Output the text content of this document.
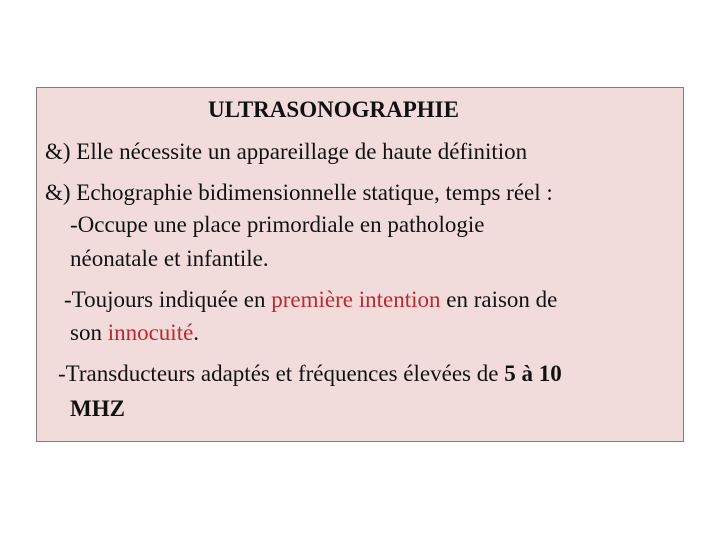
ULTRASONOGRAPHIE
&) Elle nécessite un appareillage de haute définition
&) Echographie bidimensionnelle statique, temps réel :
-Occupe une place primordiale en pathologie
néonatale et infantile.
-Toujours indiquée en première intention en raison de
son innocuité.
-Transducteurs adaptés et fréquences élevées de 5 à 10
MHZ
